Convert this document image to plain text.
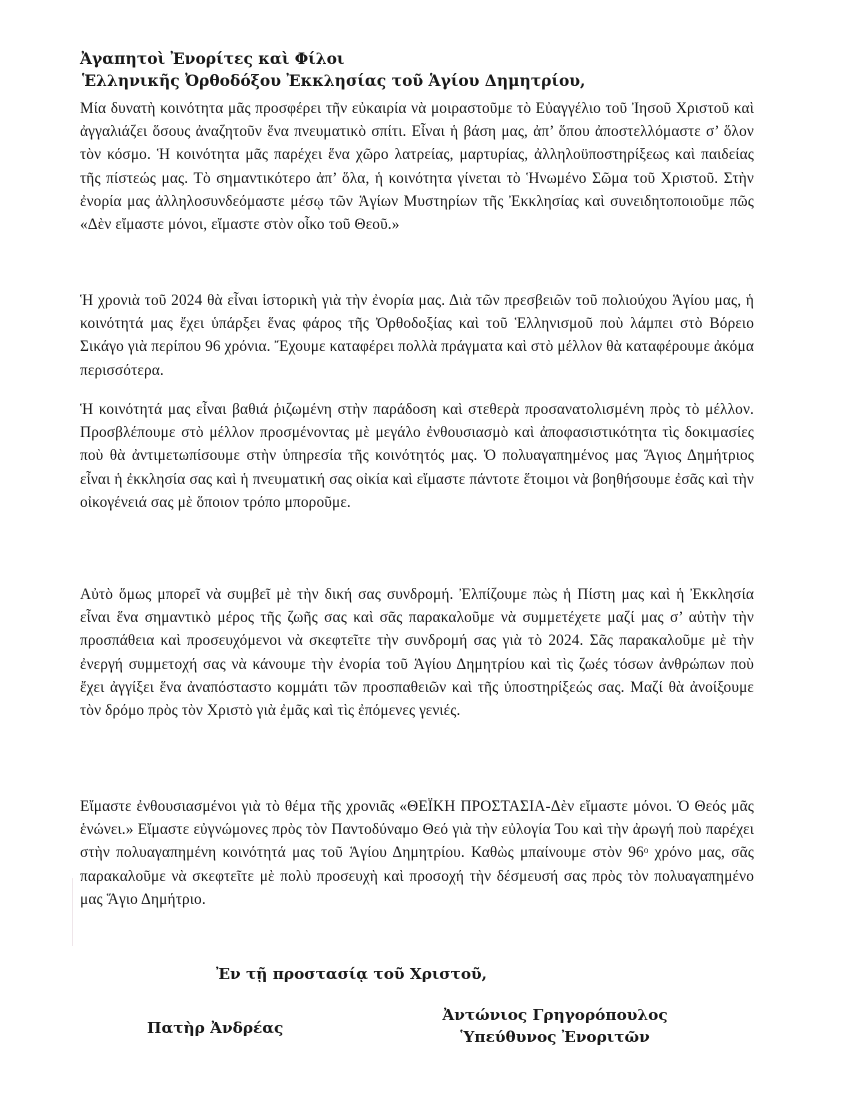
Ἀγαπητοὶ Ἐνορίτες καὶ Φίλοι
Ἑλληνικῆς Ὀρθοδόξου Ἐκκλησίας τοῦ Ἁγίου Δημητρίου,

Μία δυνατὴ κοινότητα μᾶς προσφέρει τῆν εὐκαιρία νὰ μοιραστοῦμε τὸ Εὐαγγέλιο τοῦ Ἰησοῦ Χριστοῦ καὶ ἀγγαλιάζει ὅσους ἀναζητοῦν ἕνα πνευματικὸ σπίτι. Εἶναι ἡ βάση μας, ἀπ’ ὅπου ἀποστελλόμαστε σ’ ὅλον τὸν κόσμο. Ἡ κοινότητα μᾶς παρέχει ἕνα χῶρο λατρείας, μαρτυρίας, ἀλληλοϋποστηρίξεως καὶ παιδείας τῆς πίστεώς μας. Τὸ σημαντικότερο ἀπ’ ὅλα, ἡ κοινότητα γίνεται τὸ Ἡνωμένο Σῶμα τοῦ Χριστοῦ. Στὴν ἐνορία μας ἀλληλοσυνδεόμαστε μέσῳ τῶν Ἁγίων Μυστηρίων τῆς Ἐκκλησίας καὶ συνειδητοποιοῦμε πῶς «Δὲν εἴμαστε μόνοι, εἴμαστε στὸν οἶκο τοῦ Θεοῦ.»

Ἡ χρονιὰ τοῦ 2024 θὰ εἶναι ἱστορικὴ γιὰ τὴν ἐνορία μας. Διὰ τῶν πρεσβειῶν τοῦ πολιούχου Ἁγίου μας, ἡ κοινότητά μας ἔχει ὑπάρξει ἕνας φάρος τῆς Ὀρθοδοξίας καὶ τοῦ Ἑλληνισμοῦ ποὺ λάμπει στὸ Βόρειο Σικάγο γιὰ περίπου 96 χρόνια. Ἔχουμε καταφέρει πολλὰ πράγματα καὶ στὸ μέλλον θὰ καταφέρουμε ἀκόμα περισσότερα.

Ἡ κοινότητά μας εἶναι βαθιά ῥιζωμένη στὴν παράδοση καὶ στεθερὰ προσανατολισμένη πρὸς τὸ μέλλον. Προσβλέπουμε στὸ μέλλον προσμένοντας μὲ μεγάλο ἐνθουσιασμὸ καὶ ἀποφασιστικότητα τὶς δοκιμασίες ποὺ θὰ ἀντιμετωπίσουμε στὴν ὑπηρεσία τῆς κοινότητός μας. Ὁ πολυαγαπημένος μας Ἅγιος Δημήτριος εἶναι ἡ ἐκκλησία σας καὶ ἡ πνευματική σας οἰκία καὶ εἴμαστε πάντοτε ἕτοιμοι νὰ βοηθήσουμε ἐσᾶς καὶ τὴν οἰκογένειά σας μὲ ὅποιον τρόπο μποροῦμε.

Αὐτὸ ὅμως μπορεῖ νὰ συμβεῖ μὲ τὴν δική σας συνδρομή. Ἐλπίζουμε πὼς ἡ Πίστη μας καὶ ἡ Ἐκκλησία εἶναι ἕνα σημαντικὸ μέρος τῆς ζωῆς σας καὶ σᾶς παρακαλοῦμε νὰ συμμετέχετε μαζί μας σ’ αὐτὴν τὴν προσπάθεια καὶ προσευχόμενοι νὰ σκεφτεῖτε τὴν συνδρομή σας γιὰ τὸ 2024. Σᾶς παρακαλοῦμε μὲ τὴν ἐνεργή συμμετοχή σας νὰ κάνουμε τὴν ἐνορία τοῦ Ἁγίου Δημητρίου καὶ τὶς ζωές τόσων ἀνθρώπων ποὺ ἔχει ἀγγίξει ἕνα ἀναπόσταστο κομμάτι τῶν προσπαθειῶν καὶ τῆς ὑποστηρίξεώς σας. Μαζί θὰ ἀνοίξουμε τὸν δρόμο πρὸς τὸν Χριστὸ γιὰ ἐμᾶς καὶ τὶς ἐπόμενες γενιές.

Εἴμαστε ἐνθουσιασμένοι γιὰ τὸ θέμα τῆς χρονιᾶς «ΘΕΪΚΗ ΠΡΟΣΤΑΣΙΑ-Δὲν εἴμαστε μόνοι. Ὁ Θεός μᾶς ἑνώνει.» Εἴμαστε εὐγνώμονες πρὸς τὸν Παντοδύναμο Θεό γιὰ τὴν εὐλογία Του καὶ τὴν ἀρωγή ποὺ παρέχει στὴν πολυαγαπημένη κοινότητά μας τοῦ Ἁγίου Δημητρίου. Καθὼς μπαίνουμε στὸν 96ᵒ χρόνο μας, σᾶς παρακαλοῦμε νὰ σκεφτεῖτε μὲ πολὺ προσευχὴ καὶ προσοχή τὴν δέσμευσή σας πρὸς τὸν πολυαγαπημένο μας Ἅγιο Δημήτριο.

Ἐν τῇ προστασίᾳ τοῦ Χριστοῦ,
Πατὴρ Ἀνδρέας
Ἀντώνιος Γρηγορόπουλος
Ὑπεύθυνος Ἐνοριτῶν
